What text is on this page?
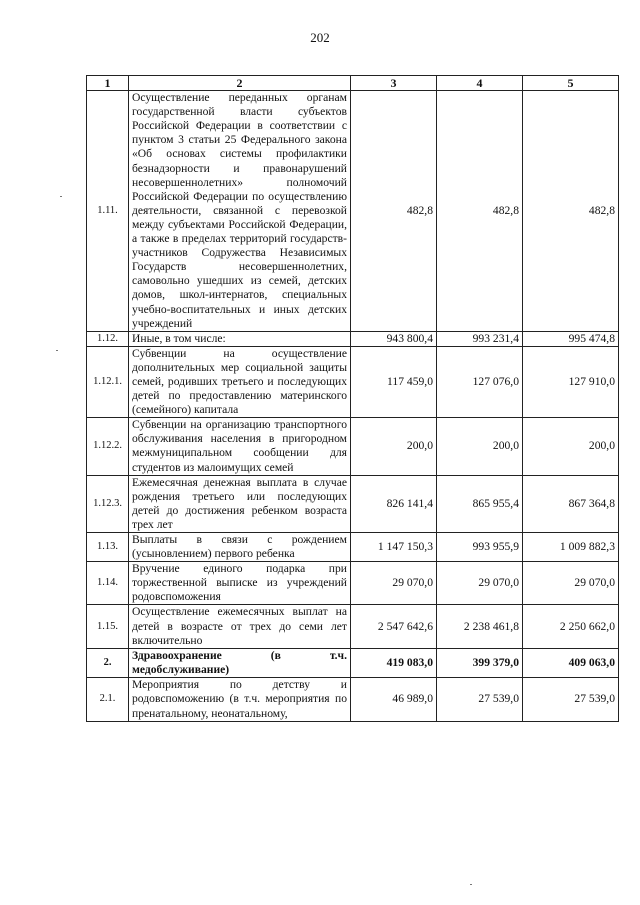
202
1	2	3	4	5
1.11.	Осуществление переданных органам государственной власти субъектов Российской Федерации в соответствии с пунктом 3 статьи 25 Федерального закона «Об основах системы профилактики безнадзорности и правонарушений несовершеннолетних» полномочий Российской Федерации по осуществлению деятельности, связанной с перевозкой между субъектами Российской Федерации, а также в пределах территорий государств-участников Содружества Независимых Государств несовершеннолетних, самовольно ушедших из семей, детских домов, школ-интернатов, специальных учебно-воспитательных и иных детских учреждений	482,8	482,8	482,8
1.12.	Иные, в том числе:	943 800,4	993 231,4	995 474,8
1.12.1.	Субвенции на осуществление дополнительных мер социальной защиты семей, родивших третьего и последующих детей по предоставлению материнского (семейного) капитала	117 459,0	127 076,0	127 910,0
1.12.2.	Субвенции на организацию транспортного обслуживания населения в пригородном межмуниципальном сообщении для студентов из малоимущих семей	200,0	200,0	200,0
1.12.3.	Ежемесячная денежная выплата в случае рождения третьего или последующих детей до достижения ребенком возраста трех лет	826 141,4	865 955,4	867 364,8
1.13.	Выплаты в связи с рождением (усыновлением) первого ребенка	1 147 150,3	993 955,9	1 009 882,3
1.14.	Вручение единого подарка при торжественной выписке из учреждений родовспоможения	29 070,0	29 070,0	29 070,0
1.15.	Осуществление ежемесячных выплат на детей в возрасте от трех до семи лет включительно	2 547 642,6	2 238 461,8	2 250 662,0
2.	Здравоохранение (в т.ч. медобслуживание)	419 083,0	399 379,0	409 063,0
2.1.	Мероприятия по детству и родовспоможению (в т.ч. мероприятия по пренатальному, неонатальному,	46 989,0	27 539,0	27 539,0
